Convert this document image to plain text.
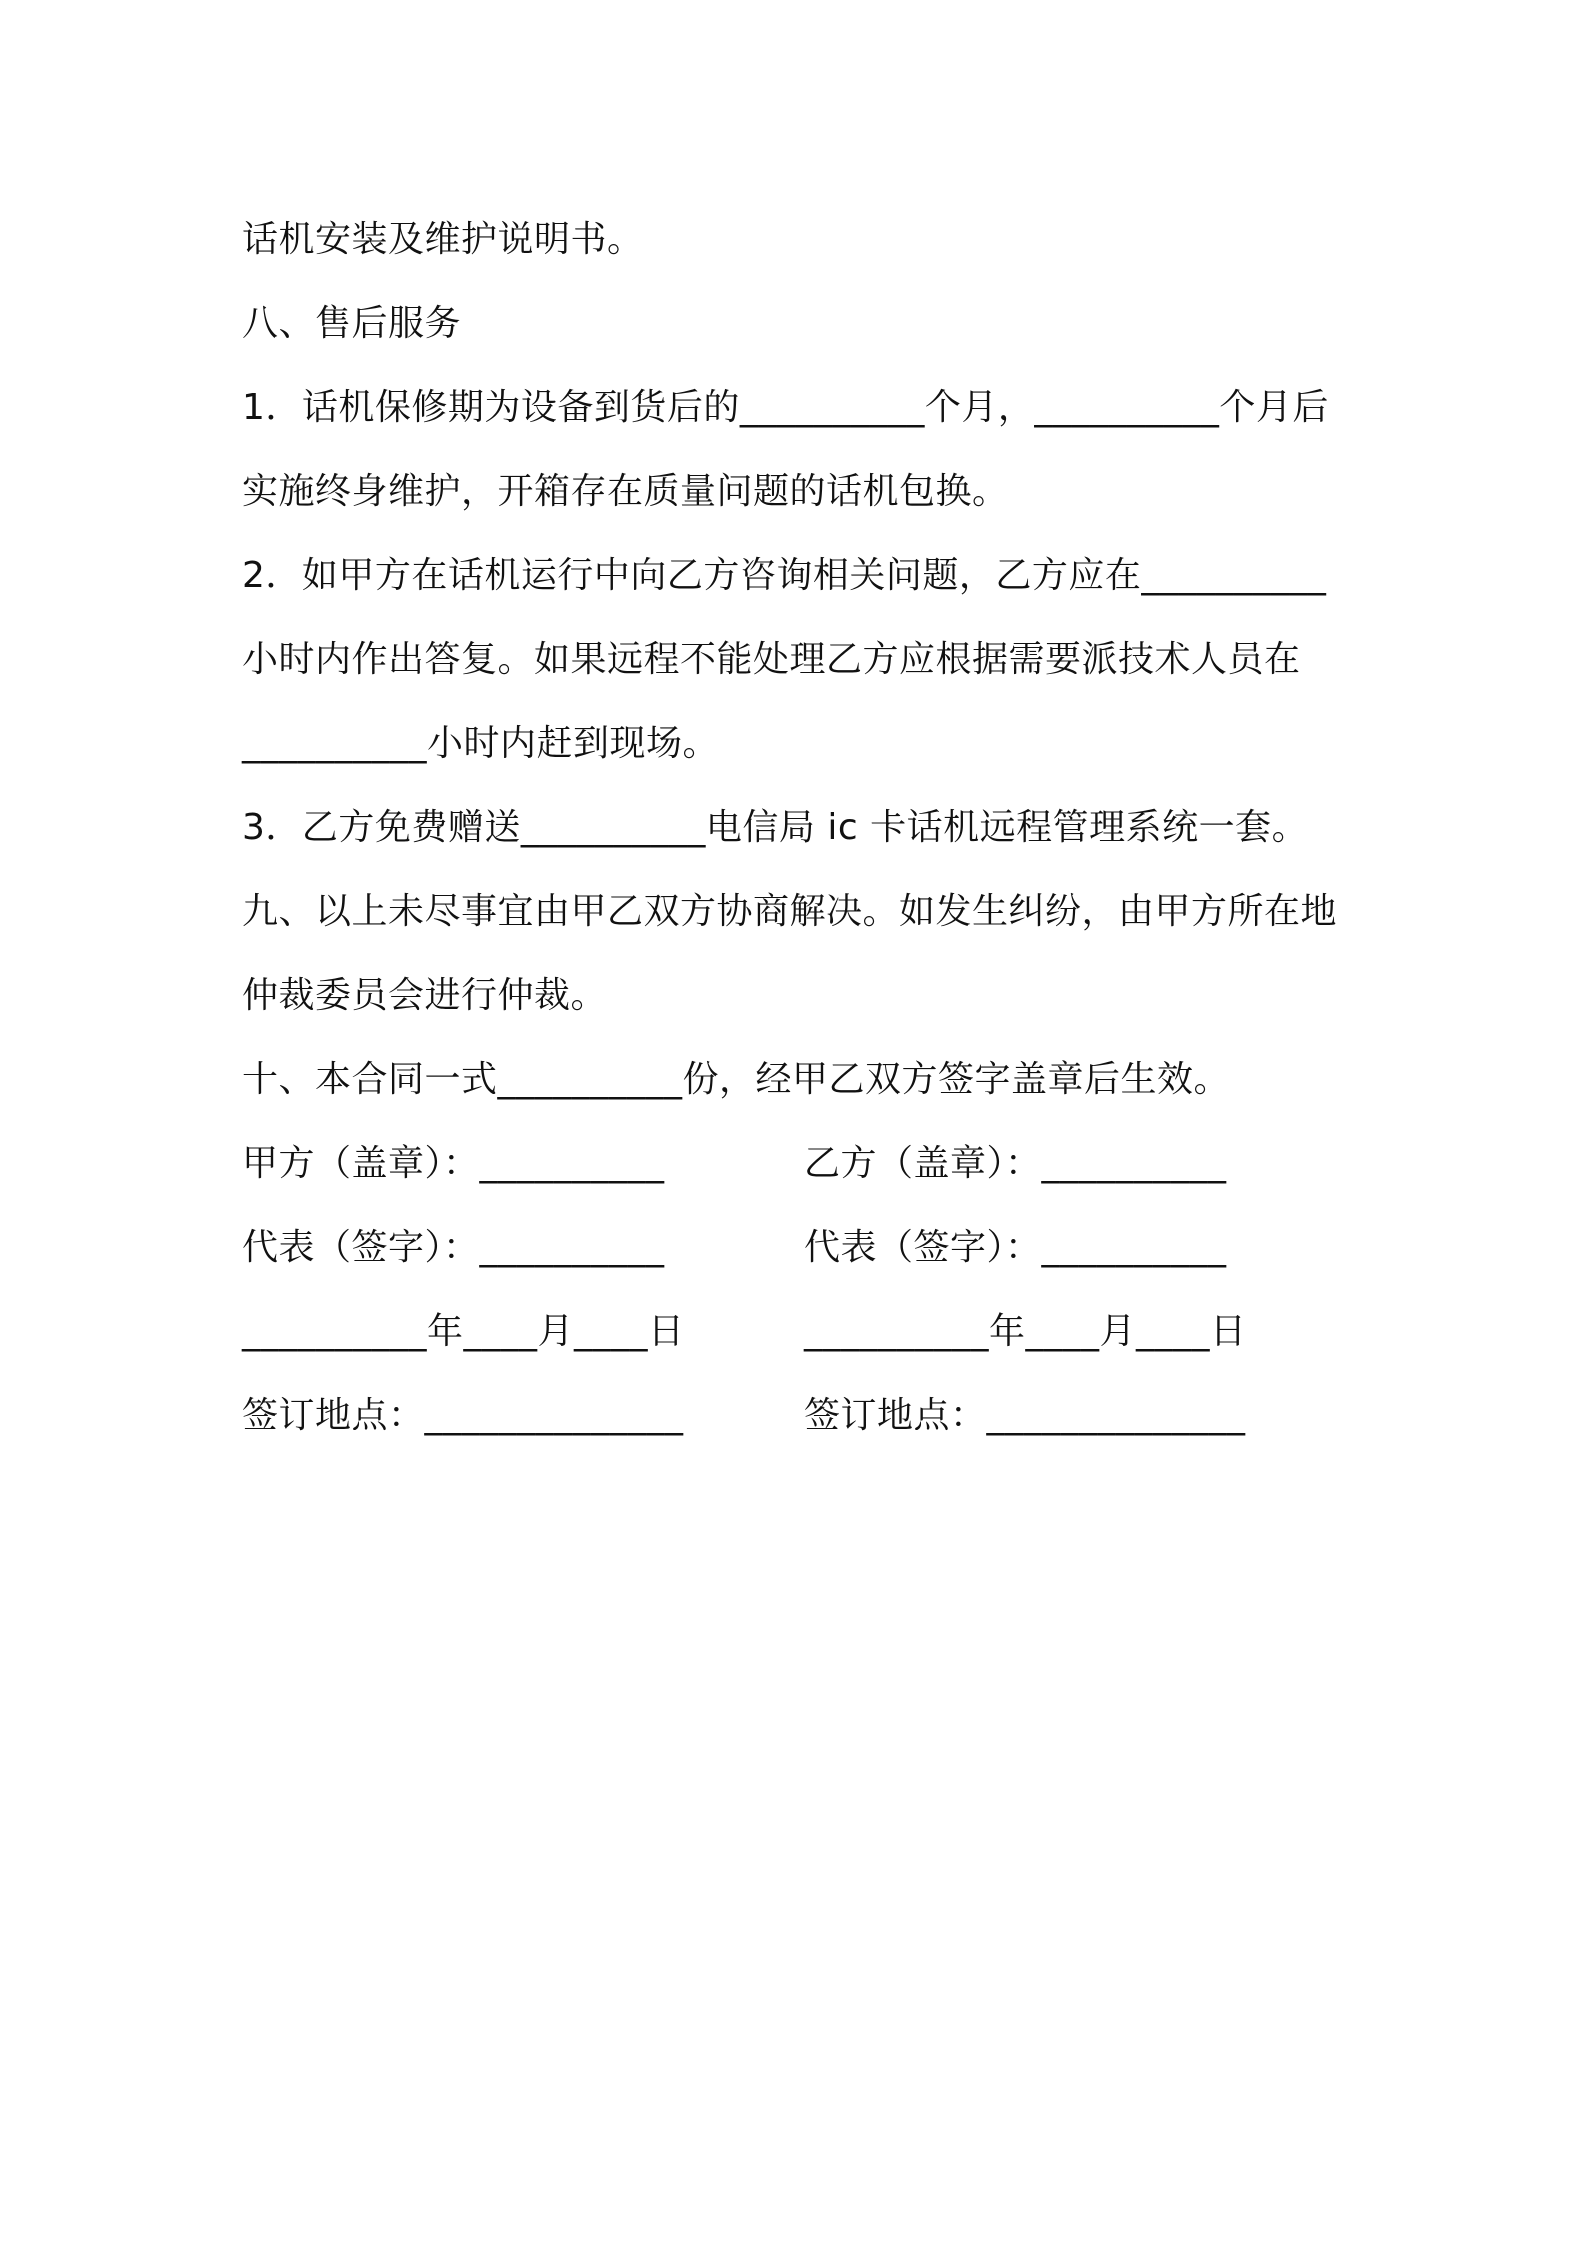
话机安装及维护说明书。
八、售后服务
1．话机保修期为设备到货后的__________个月，__________个月后
实施终身维护，开箱存在质量问题的话机包换。
2．如甲方在话机运行中向乙方咨询相关问题，乙方应在__________
小时内作出答复。如果远程不能处理乙方应根据需要派技术人员在
__________小时内赶到现场。
3．乙方免费赠送__________电信局 ic 卡话机远程管理系统一套。
九、以上未尽事宜由甲乙双方协商解决。如发生纠纷，由甲方所在地
仲裁委员会进行仲裁。
十、本合同一式__________份，经甲乙双方签字盖章后生效。
甲方（盖章）：__________	乙方（盖章）：__________
代表（签字）：__________	代表（签字）：__________
__________年____月____日	__________年____月____日
签订地点：______________	签订地点：______________
